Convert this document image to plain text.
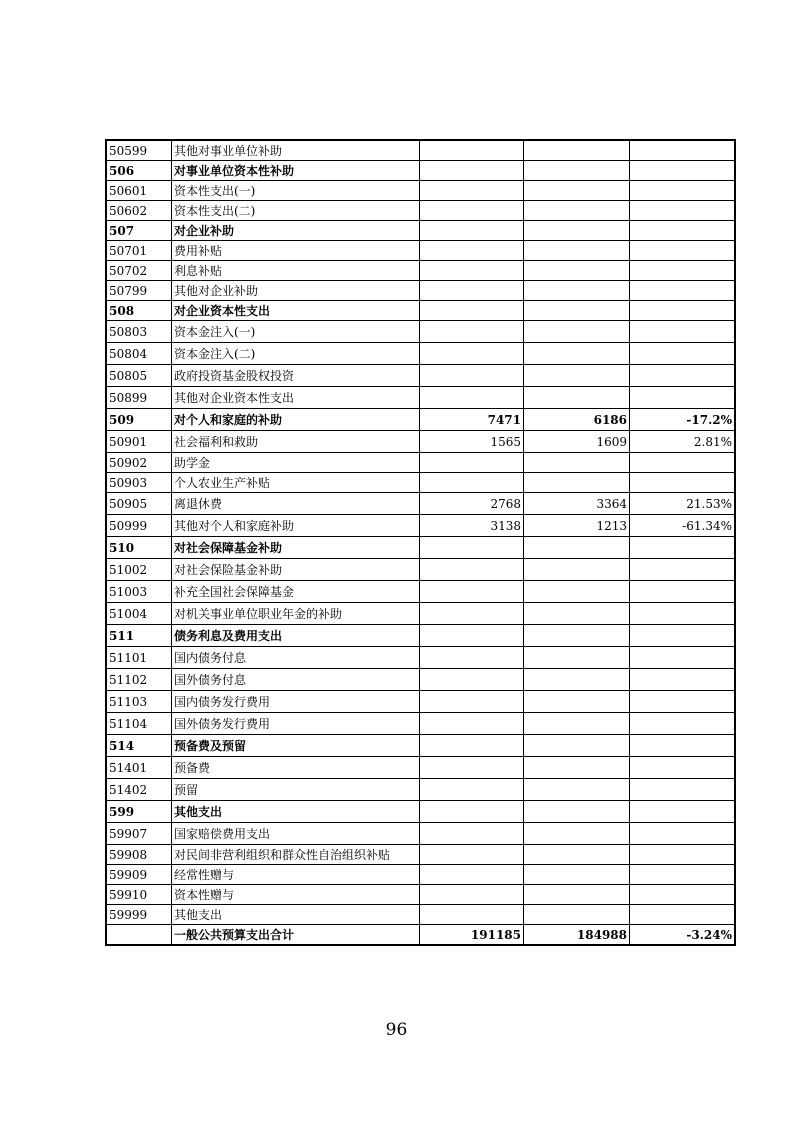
50599	其他对事业单位补助			
506	对事业单位资本性补助			
50601	资本性支出(一)			
50602	资本性支出(二)			
507	对企业补助			
50701	费用补贴			
50702	利息补贴			
50799	其他对企业补助			
508	对企业资本性支出			
50803	资本金注入(一)			
50804	资本金注入(二)			
50805	政府投资基金股权投资			
50899	其他对企业资本性支出			
509	对个人和家庭的补助	7471	6186	-17.2%
50901	社会福利和救助	1565	1609	2.81%
50902	助学金			
50903	个人农业生产补贴			
50905	离退休费	2768	3364	21.53%
50999	其他对个人和家庭补助	3138	1213	-61.34%
510	对社会保障基金补助			
51002	对社会保险基金补助			
51003	补充全国社会保障基金			
51004	对机关事业单位职业年金的补助			
511	债务利息及费用支出			
51101	国内债务付息			
51102	国外债务付息			
51103	国内债务发行费用			
51104	国外债务发行费用			
514	预备费及预留			
51401	预备费			
51402	预留			
599	其他支出			
59907	国家赔偿费用支出			
59908	对民间非营利组织和群众性自治组织补贴			
59909	经常性赠与			
59910	资本性赠与			
59999	其他支出			
	一般公共预算支出合计	191185	184988	-3.24%
96
